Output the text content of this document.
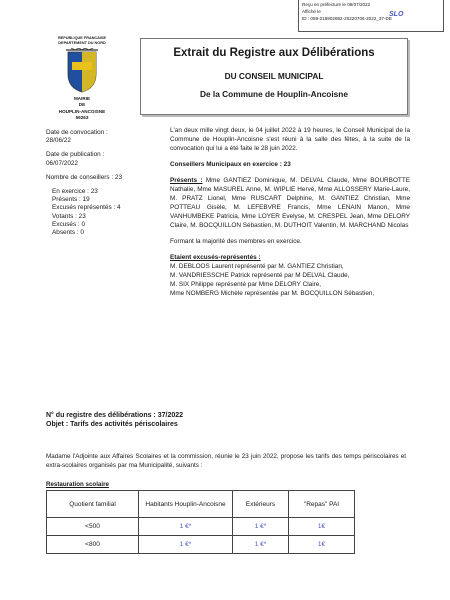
Reçu en préfecture le 06/07/2022
Affiché le
ID : 059-215902862-20220706-2022_37-DE
SLO
REPUBLIQUE FRANCAISE
DEPARTEMENT DU NORD
MAIRIE
DE
HOUPLIN-ANCOISNE
59263
Extrait du Registre aux Délibérations
DU CONSEIL MUNICIPAL
De la Commune de Houplin-Ancoisne
Date de convocation :
28/06/22
Date de publication :
06/07/2022
Nombre de conseillers : 23
En exercice : 23
Présents : 19
Excusés représentés : 4
Votants : 23
Excusés : 0
Absents : 0
L'an deux mille vingt deux, le 04 juillet 2022 à 19 heures, le Conseil Municipal de la Commune de Houplin-Ancoisne s'est réuni à la salle des fêtes, à la suite de la convocation qui lui a été faite le 28 juin 2022.
Conseillers Municipaux en exercice : 23
Présents : Mme GANTIEZ Dominique, M. DELVAL Claude, Mme BOURBOTTE Nathalie, Mme MASUREL Anne, M. WIPLIE Hervé, Mme ALLOSSERY Marie-Laure, M. PRATZ Lionel, Mme RUSCART Delphine, M. GANTIEZ Christian, Mme POTTEAU Gisèle, M. LEFEBVRE Francis, Mme LENAIN Manon, Mme VANHUMBEKE Patricia, Mme LOYER Evelyse, M. CRESPEL Jean, Mme DELORY Claire, M. BOCQUILLON Sébastien, M. DUTHOIT Valentin, M. MARCHAND Nicolas
Formant la majorité des membres en exercice.
Etaient excusés-représentés :
M. DEBLOOS Laurent représenté par M. GANTIEZ Christian,
M. VANDRIESSCHE Patrick représenté par M DELVAL Claude,
M. SIX Philippe représenté par Mme DELORY Claire,
Mme NOMBERG Michèle représentée par M. BOCQUILLON Sébastien,
N° du registre des délibérations : 37/2022
Objet : Tarifs des activités périscolaires
Madame l'Adjointe aux Affaires Scolaires et la commission, réunie le 23 juin 2022, propose les tarifs des temps périscolaires et extra-scolaires organisés par ma Municipalité, suivants :
Restauration scolaire
Quotient familial	Habitants Houplin-Ancoisne	Extérieurs	"Repas" PAI
<500	1 €*	1 €*	1€
<800	1 €*	1 €*	1€
